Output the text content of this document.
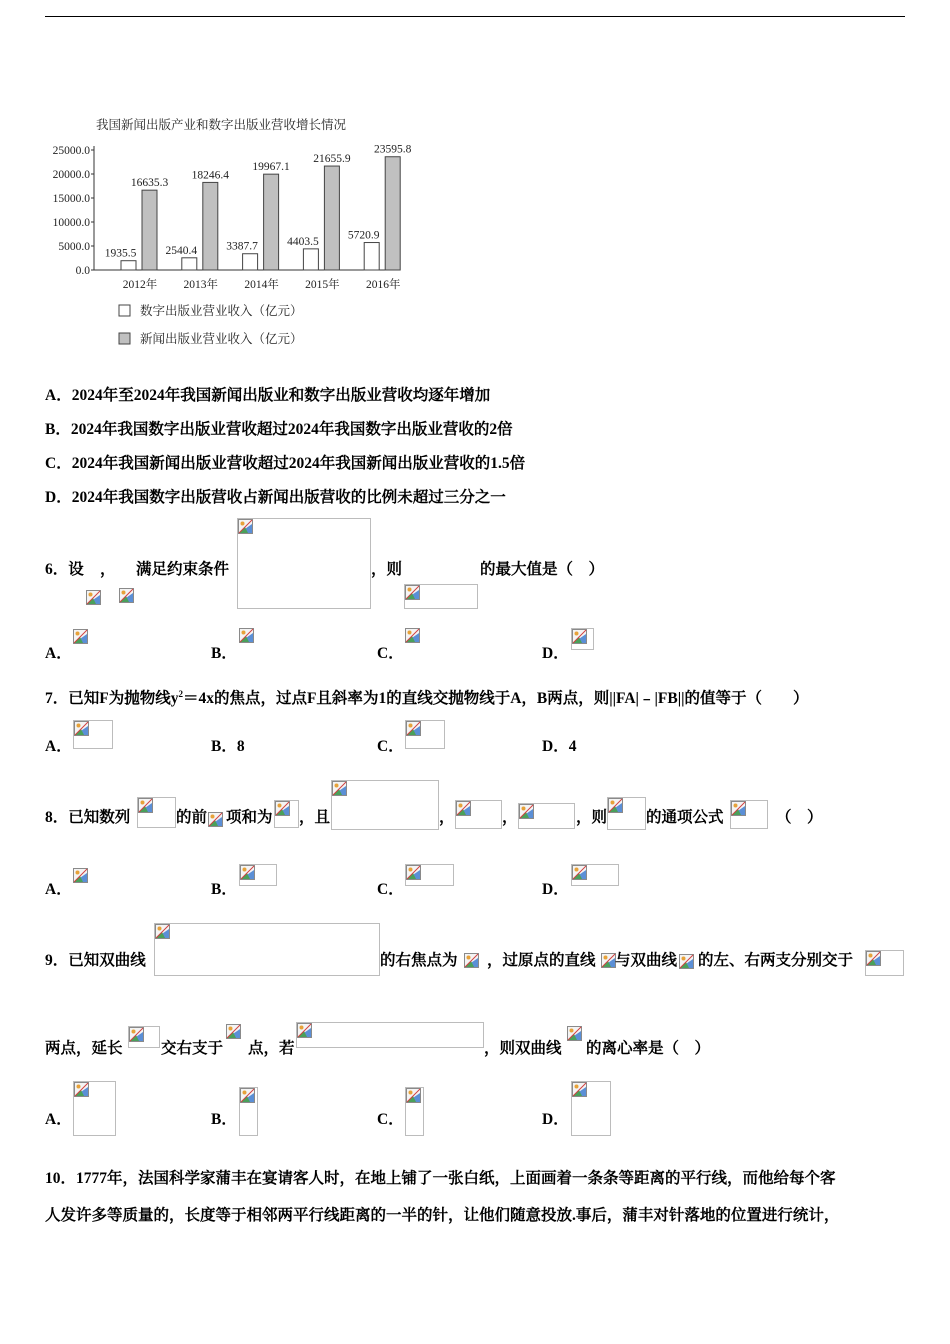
我国新闻出版产业和数字出版业营收增长情况
25000.0
20000.0
15000.0
10000.0
5000.0
0.0
1935.5
16635.3
2012年
2540.4
18246.4
2013年
3387.7
19967.1
2014年
4403.5
21655.9
2015年
5720.9
23595.8
2016年
数字出版业营业收入（亿元）
新闻出版业营业收入（亿元）
A．2024年至2024年我国新闻出版业和数字出版业营收均逐年增加
B．2024年我国数字出版业营收超过2024年我国数字出版业营收的2倍
C．2024年我国新闻出版业营收超过2024年我国新闻出版业营收的1.5倍
D．2024年我国数字出版营收占新闻出版营收的比例未超过三分之一
6．设 ， 满足约束条件	，则	的最大值是（　）
A．	B．	C．	D．
7．已知F为抛物线$y^2=4x$的焦点，过点F且斜率为1的直线交抛物线于A，B两点，则||FA|﹣|FB||的值等于（　　）
A．	B．8	C．	D．4
8．已知数列	的前 项和为 ，且	，	，	，则	的通项公式	（　）
A．	B．	C．	D．
9．已知双曲线	的右焦点为 ，过原点的直线 与双曲线 的左、右两支分别交于
两点，延长 交右支于 点，若	，则双曲线 的离心率是（　）
A．	B．	C．	D．
10．1777年，法国科学家蒲丰在宴请客人时，在地上铺了一张白纸，上面画着一条条等距离的平行线，而他给每个客
人发许多等质量的，长度等于相邻两平行线距离的一半的针，让他们随意投放.事后，蒲丰对针落地的位置进行统计，
